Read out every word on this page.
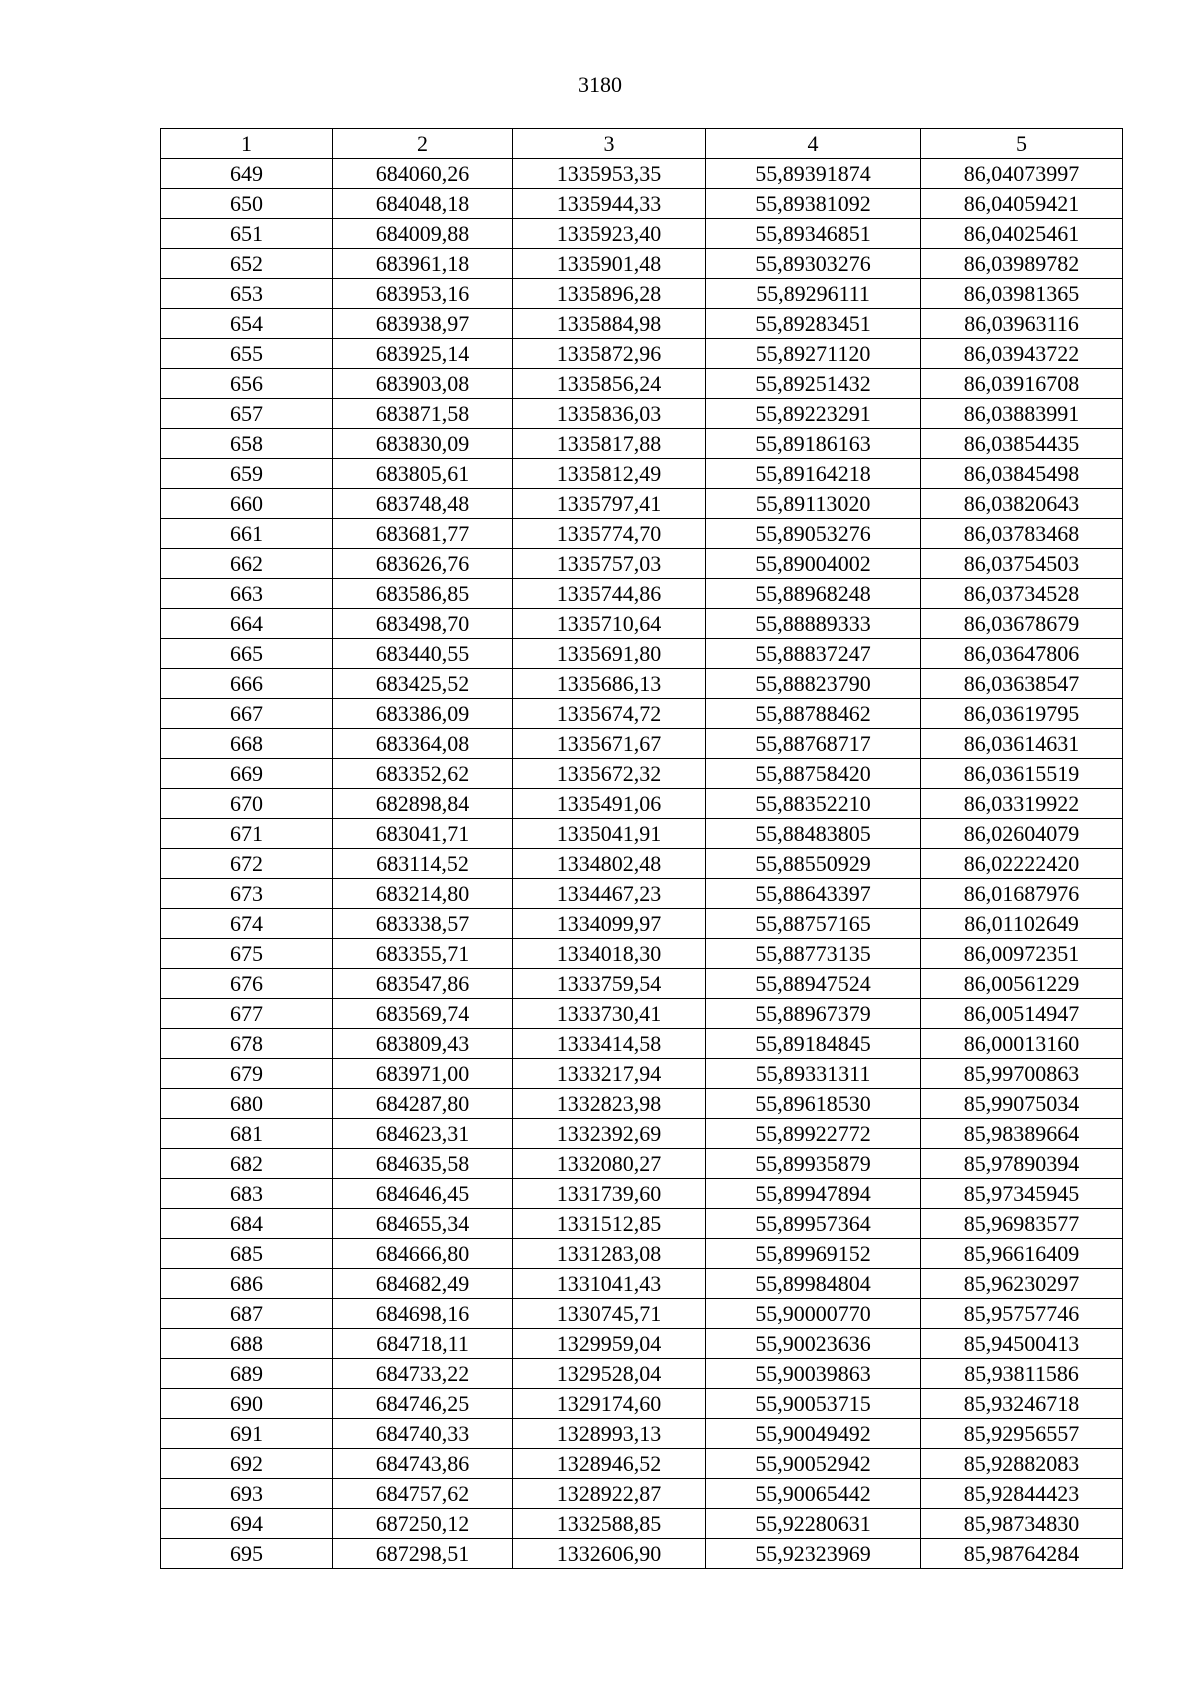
3180
1	2	3	4	5
649	684060,26	1335953,35	55,89391874	86,04073997
650	684048,18	1335944,33	55,89381092	86,04059421
651	684009,88	1335923,40	55,89346851	86,04025461
652	683961,18	1335901,48	55,89303276	86,03989782
653	683953,16	1335896,28	55,89296111	86,03981365
654	683938,97	1335884,98	55,89283451	86,03963116
655	683925,14	1335872,96	55,89271120	86,03943722
656	683903,08	1335856,24	55,89251432	86,03916708
657	683871,58	1335836,03	55,89223291	86,03883991
658	683830,09	1335817,88	55,89186163	86,03854435
659	683805,61	1335812,49	55,89164218	86,03845498
660	683748,48	1335797,41	55,89113020	86,03820643
661	683681,77	1335774,70	55,89053276	86,03783468
662	683626,76	1335757,03	55,89004002	86,03754503
663	683586,85	1335744,86	55,88968248	86,03734528
664	683498,70	1335710,64	55,88889333	86,03678679
665	683440,55	1335691,80	55,88837247	86,03647806
666	683425,52	1335686,13	55,88823790	86,03638547
667	683386,09	1335674,72	55,88788462	86,03619795
668	683364,08	1335671,67	55,88768717	86,03614631
669	683352,62	1335672,32	55,88758420	86,03615519
670	682898,84	1335491,06	55,88352210	86,03319922
671	683041,71	1335041,91	55,88483805	86,02604079
672	683114,52	1334802,48	55,88550929	86,02222420
673	683214,80	1334467,23	55,88643397	86,01687976
674	683338,57	1334099,97	55,88757165	86,01102649
675	683355,71	1334018,30	55,88773135	86,00972351
676	683547,86	1333759,54	55,88947524	86,00561229
677	683569,74	1333730,41	55,88967379	86,00514947
678	683809,43	1333414,58	55,89184845	86,00013160
679	683971,00	1333217,94	55,89331311	85,99700863
680	684287,80	1332823,98	55,89618530	85,99075034
681	684623,31	1332392,69	55,89922772	85,98389664
682	684635,58	1332080,27	55,89935879	85,97890394
683	684646,45	1331739,60	55,89947894	85,97345945
684	684655,34	1331512,85	55,89957364	85,96983577
685	684666,80	1331283,08	55,89969152	85,96616409
686	684682,49	1331041,43	55,89984804	85,96230297
687	684698,16	1330745,71	55,90000770	85,95757746
688	684718,11	1329959,04	55,90023636	85,94500413
689	684733,22	1329528,04	55,90039863	85,93811586
690	684746,25	1329174,60	55,90053715	85,93246718
691	684740,33	1328993,13	55,90049492	85,92956557
692	684743,86	1328946,52	55,90052942	85,92882083
693	684757,62	1328922,87	55,90065442	85,92844423
694	687250,12	1332588,85	55,92280631	85,98734830
695	687298,51	1332606,90	55,92323969	85,98764284
